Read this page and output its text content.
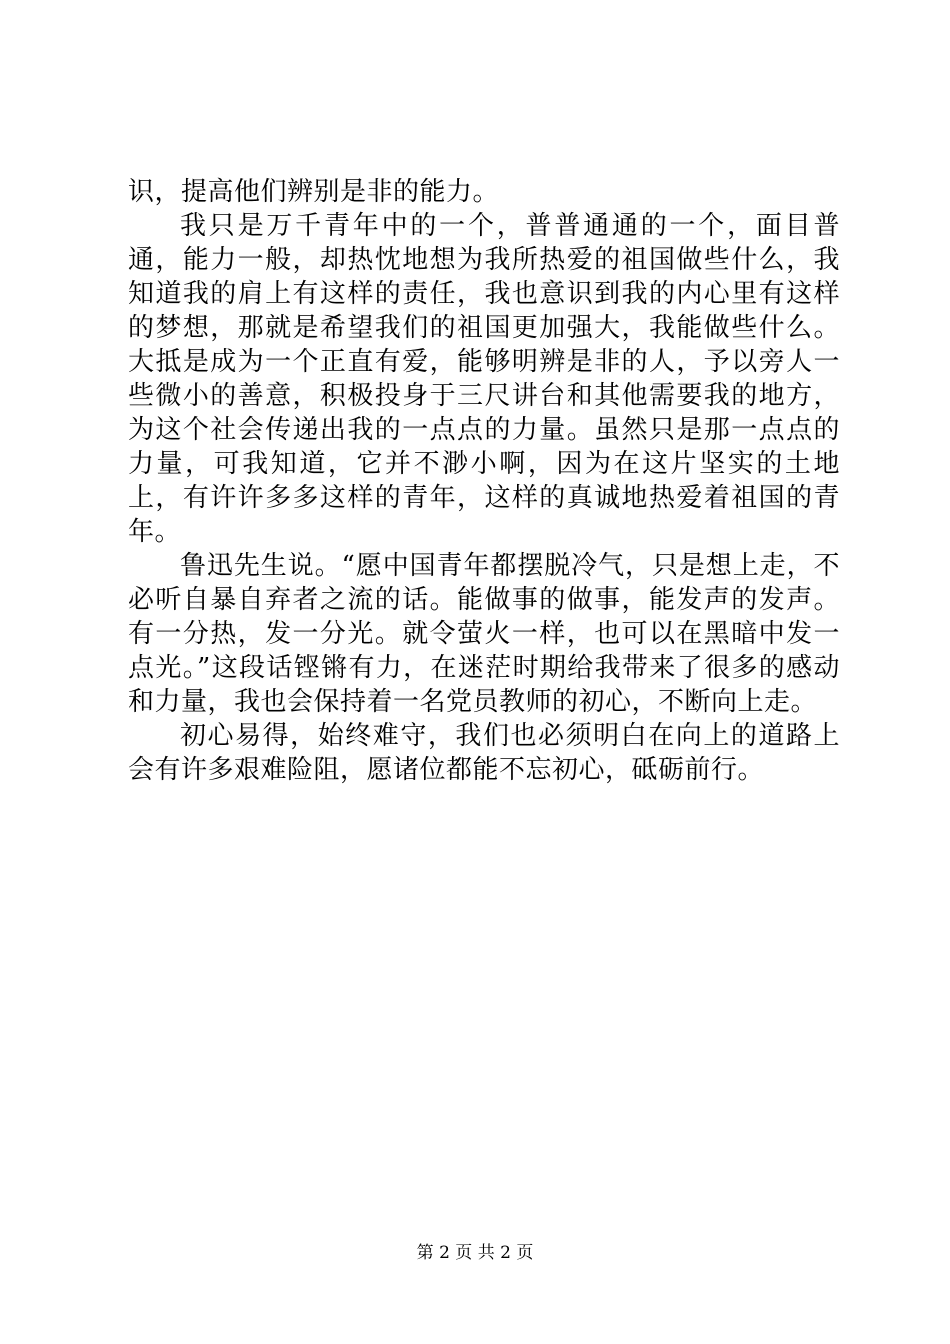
识，提高他们辨别是非的能力。

我只是万千青年中的一个，普普通通的一个，面目普通，能力一般，却热忱地想为我所热爱的祖国做些什么，我知道我的肩上有这样的责任，我也意识到我的内心里有这样的梦想，那就是希望我们的祖国更加强大，我能做些什么。大抵是成为一个正直有爱，能够明辨是非的人，予以旁人一些微小的善意，积极投身于三尺讲台和其他需要我的地方，为这个社会传递出我的一点点的力量。虽然只是那一点点的力量，可我知道，它并不渺小啊，因为在这片坚实的土地上，有许许多多这样的青年，这样的真诚地热爱着祖国的青年。

鲁迅先生说。“愿中国青年都摆脱冷气，只是想上走，不必听自暴自弃者之流的话。能做事的做事，能发声的发声。有一分热，发一分光。就令萤火一样，也可以在黑暗中发一点光。”这段话铿锵有力，在迷茫时期给我带来了很多的感动和力量，我也会保持着一名党员教师的初心，不断向上走。

初心易得，始终难守，我们也必须明白在向上的道路上会有许多艰难险阻，愿诸位都能不忘初心，砥砺前行。

第 2 页 共 2 页
